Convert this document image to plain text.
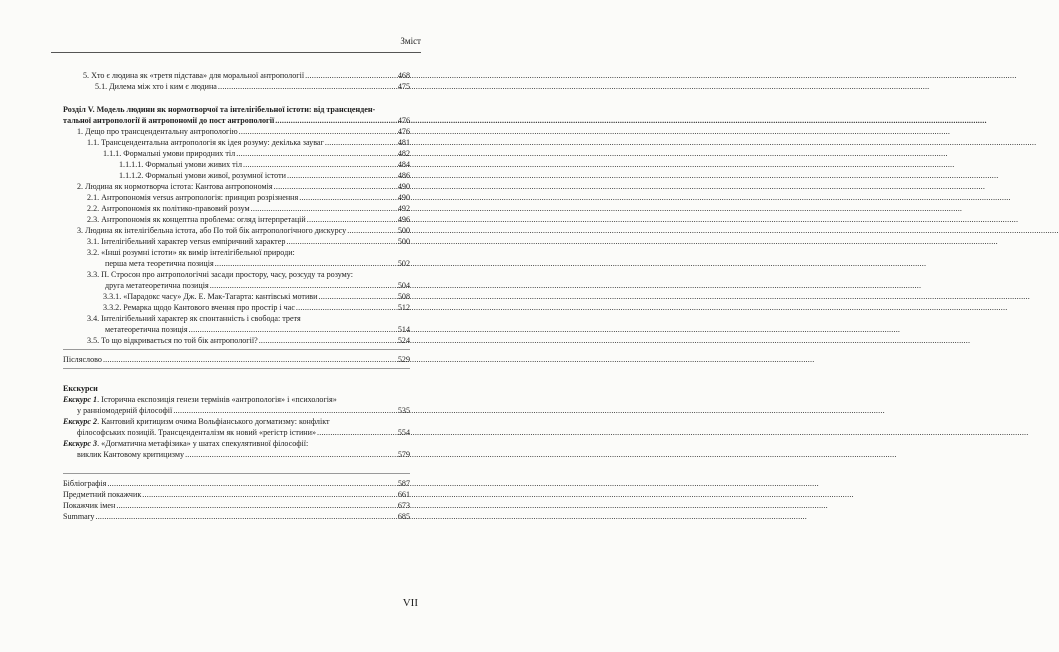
Зміст
5. Хто є людина як «третя підстава» для моральної антропології .....	468
5.1. Дилема між хто і ким є людина .....	475
Розділ V. Модель людини як нормотворчої та інтелігібельної істоти: від трансценден-
тальної антропології й антропономії до пост антропології .....	476
1. Дещо про трансцендентальну антропологію .....	476
1.1. Трансцендентальна антропологія як ідея розуму: декілька зауваг .....	481
1.1.1. Формальні умови природних тіл .....	482
1.1.1.1. Формальні умови живих тіл .....	484
1.1.1.2. Формальні умови живої, розумної істоти .....	486
2. Людина як нормотворча істота: Кантова антропономія .....	490
2.1. Антропономія versus антропологія: принцип розрізнення .....	490
2.2. Антропономія як політико-правовий розум .....	492
2.3. Антропономія як концептна проблема: огляд інтерпретацій .....	496
3. Людина як інтелігібельна істота, або По той бік антропологічного дискурсу .....	500
3.1. Інтелігібельний характер versus емпіричний характер .....	500
3.2. «Інші розумні істоти» як вимір інтелігібельної природи:
перша мета теоретична позиція .....	502
3.3. П. Стросон про антропологічні засади простору, часу, розсуду та розуму:
друга метатеоретична позиція .....	504
3.3.1. «Парадокс часу» Дж. Е. Мак-Тагарта: кантівські мотиви .....	508
3.3.2. Ремарка щодо Кантового вчення про простір і час .....	512
3.4. Інтелігібельний характер як спонтанність і свобода: третя
метатеоретична позиція .....	514
3.5. То що відкривається по той бік антропології? .....	524
Післяслово .....	529
Екскурси
Екскурс 1. Історична експозиція генези термінів «антропологія» і «психологія»
у ранніомодерній філософії .....	535
Екскурс 2. Кантовий критицизм очима Вольфіанського догматизму: конфлікт
філософських позицій. Трансценденталізм як новий «регістр істини» .....	554
Екскурс 3. «Догматична метафізика» у шатах спекулятивної філософії:
виклик Кантовому критицизму .....	579
Бібліографія .....	587
Предметний покажчик .....	661
Покажчик імен .....	673
Summary .....	685
VII
